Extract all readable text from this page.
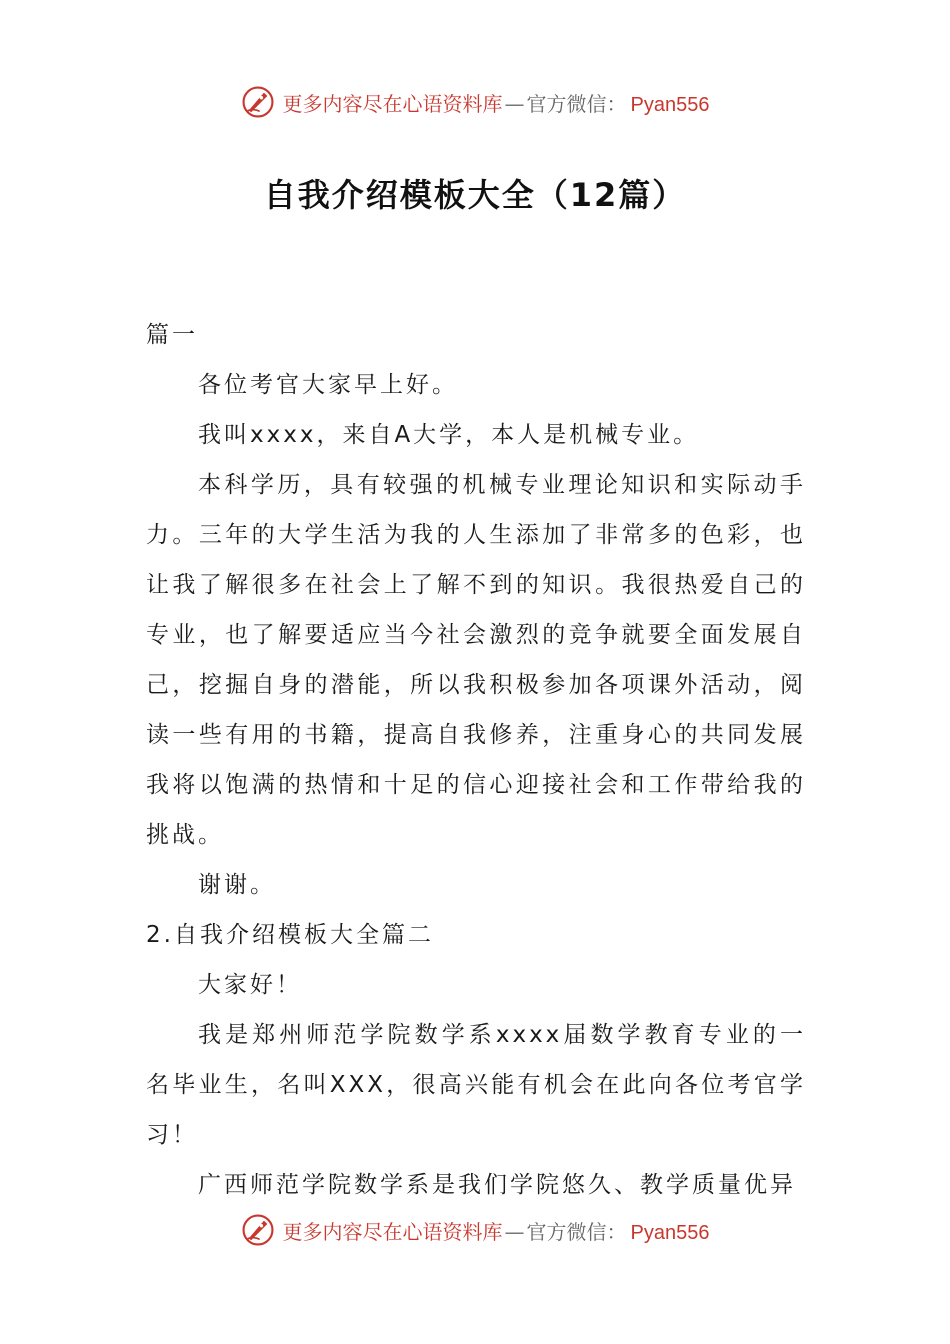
更多内容尽在心语资料库 — 官方微信： Pyan556
自我介绍模板大全（12篇）

篇一

各位考官大家早上好。

我叫xxxx，来自A大学，本人是机械专业。

本科学历，具有较强的机械专业理论知识和实际动手力。三年的大学生活为我的人生添加了非常多的色彩，也让我了解很多在社会上了解不到的知识。我很热爱自己的专业，也了解要适应当今社会激烈的竞争就要全面发展自己，挖掘自身的潜能，所以我积极参加各项课外活动，阅读一些有用的书籍，提高自我修养，注重身心的共同发展我将以饱满的热情和十足的信心迎接社会和工作带给我的挑战。

谢谢。

2.自我介绍模板大全篇二

大家好！

我是郑州师范学院数学系xxxx届数学教育专业的一名毕业生，名叫XXX，很高兴能有机会在此向各位考官学习！

广西师范学院数学系是我们学院悠久、教学质量优异

更多内容尽在心语资料库 — 官方微信： Pyan556
